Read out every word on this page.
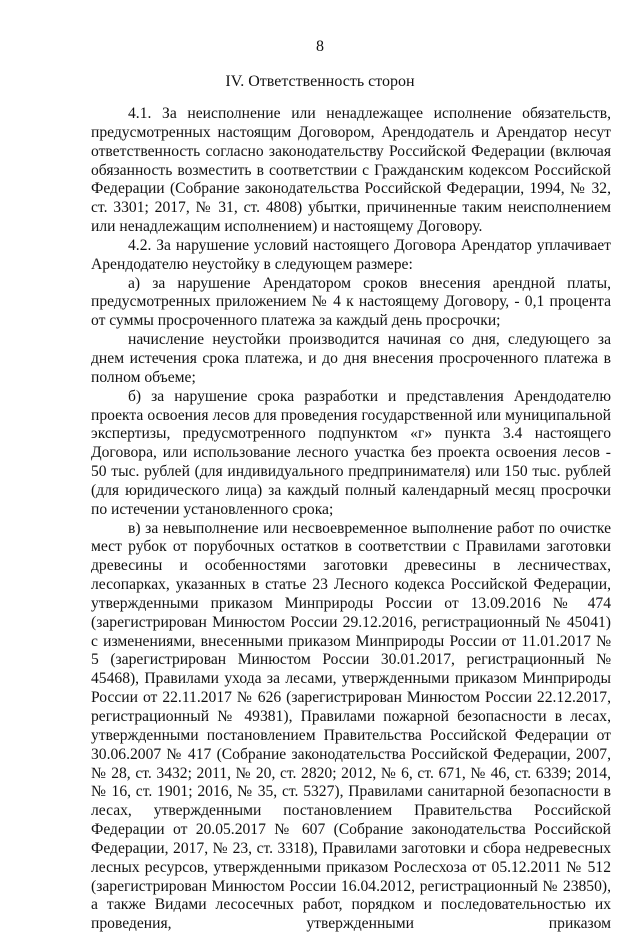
8
IV. Ответственность сторон

4.1. За неисполнение или ненадлежащее исполнение обязательств, предусмотренных настоящим Договором, Арендодатель и Арендатор несут ответственность согласно законодательству Российской Федерации (включая обязанность возместить в соответствии с Гражданским кодексом Российской Федерации (Собрание законодательства Российской Федерации, 1994, № 32, ст. 3301; 2017, № 31, ст. 4808) убытки, причиненные таким неисполнением или ненадлежащим исполнением) и настоящему Договору.

4.2. За нарушение условий настоящего Договора Арендатор уплачивает Арендодателю неустойку в следующем размере:

а) за нарушение Арендатором сроков внесения арендной платы, предусмотренных приложением № 4 к настоящему Договору, - 0,1 процента от суммы просроченного платежа за каждый день просрочки;

начисление неустойки производится начиная со дня, следующего за днем истечения срока платежа, и до дня внесения просроченного платежа в полном объеме;

б) за нарушение срока разработки и представления Арендодателю проекта освоения лесов для проведения государственной или муниципальной экспертизы, предусмотренного подпунктом «г» пункта 3.4 настоящего Договора, или использование лесного участка без проекта освоения лесов - 50 тыс. рублей (для индивидуального предпринимателя) или 150 тыс. рублей (для юридического лица) за каждый полный календарный месяц просрочки по истечении установленного срока;

в) за невыполнение или несвоевременное выполнение работ по очистке мест рубок от порубочных остатков в соответствии с Правилами заготовки древесины и особенностями заготовки древесины в лесничествах, лесопарках, указанных в статье 23 Лесного кодекса Российской Федерации, утвержденными приказом Минприроды России от 13.09.2016 № 474 (зарегистрирован Минюстом России 29.12.2016, регистрационный № 45041) с изменениями, внесенными приказом Минприроды России от 11.01.2017 № 5 (зарегистрирован Минюстом России 30.01.2017, регистрационный № 45468), Правилами ухода за лесами, утвержденными приказом Минприроды России от 22.11.2017 № 626 (зарегистрирован Минюстом России 22.12.2017, регистрационный № 49381), Правилами пожарной безопасности в лесах, утвержденными постановлением Правительства Российской Федерации от 30.06.2007 № 417 (Собрание законодательства Российской Федерации, 2007, № 28, ст. 3432; 2011, № 20, ст. 2820; 2012, № 6, ст. 671, № 46, ст. 6339; 2014, № 16, ст. 1901; 2016, № 35, ст. 5327), Правилами санитарной безопасности в лесах, утвержденными постановлением Правительства Российской Федерации от 20.05.2017 № 607 (Собрание законодательства Российской Федерации, 2017, № 23, ст. 3318), Правилами заготовки и сбора недревесных лесных ресурсов, утвержденными приказом Рослесхоза от 05.12.2011 № 512 (зарегистрирован Минюстом России 16.04.2012, регистрационный № 23850), а также Видами лесосечных работ, порядком и последовательностью их проведения, утвержденными приказом
